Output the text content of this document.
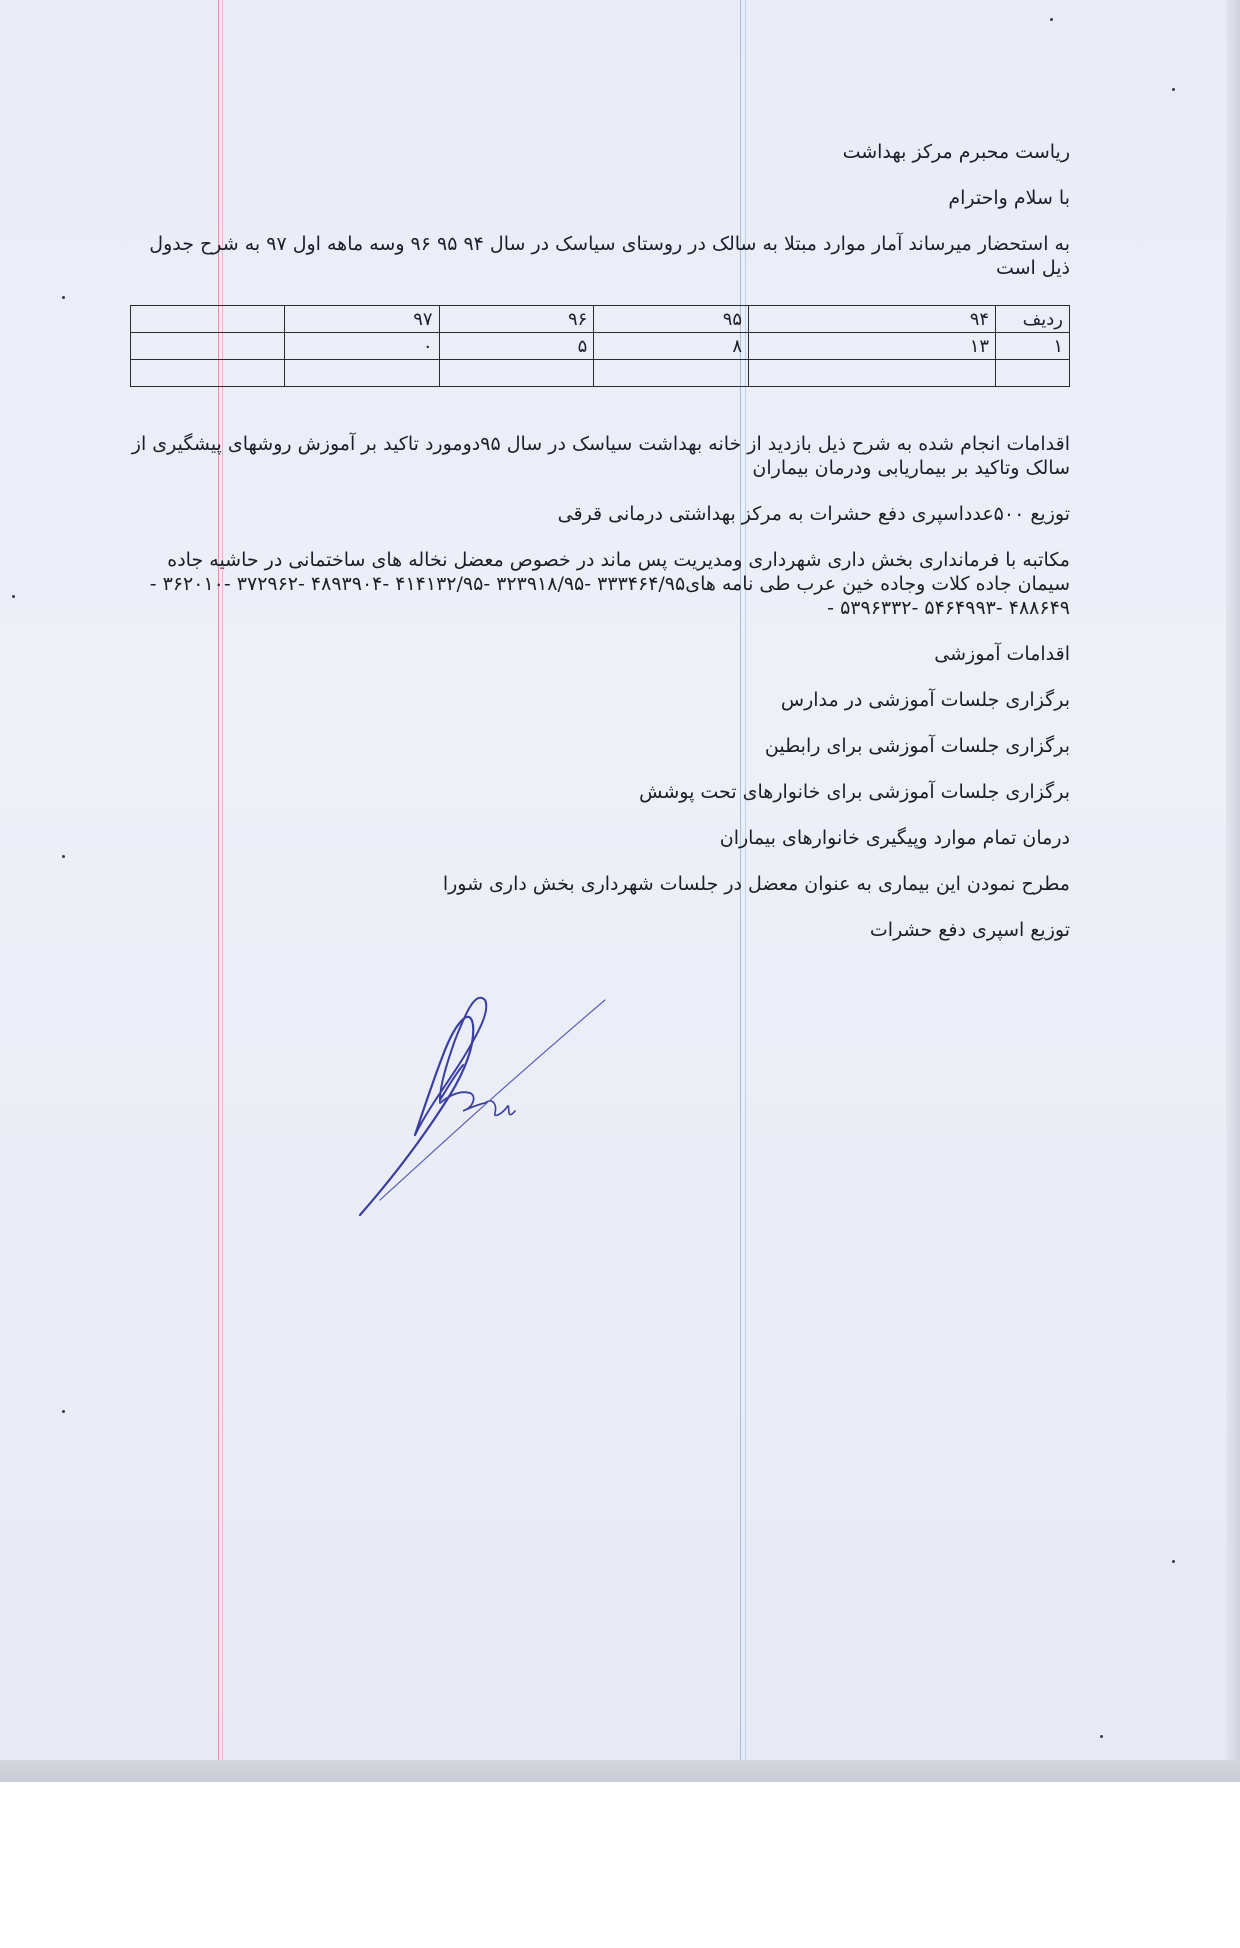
ریاست محبرم مرکز بهداشت

با سلام واحترام

به استحضار میرساند آمار موارد مبتلا به سالک در روستای سیاسک در سال ۹۴ ۹۵ ۹۶ وسه ماهه اول ۹۷ به شرح جدول ذیل است

ردیف	۹۴	۹۵	۹۶	۹۷	
۱	۱۳	۸	۵	۰	

اقدامات انجام شده به شرح ذیل بازدید از خانه بهداشت سیاسک در سال ۹۵دومورد تاکید بر آموزش روشهای پیشگیری از سالک وتاکید بر بیماریابی ودرمان بیماران

توزیع ۵۰۰عدداسپری دفع حشرات به مرکز بهداشتی درمانی قرقی

مکاتبه با فرمانداری بخش داری شهرداری ومدیریت پس ماند در خصوص معضل نخاله های ساختمانی در حاشیه جاده سیمان جاده کلات وجاده خین عرب طی نامه های۳۳۳۴۶۴/۹۵ -۳۲۳۹۱۸/۹۵ -۴۱۴۱۳۲/۹۵ -۴۸۹۳۹۰۴ -۳۷۲۹۶۲ -۳۶۲۰۱۰ - ۴۸۸۶۴۹ -۵۴۶۴۹۹۳ -۵۳۹۶۳۳۲ -

اقدامات آموزشی

برگزاری جلسات آموزشی در مدارس

برگزاری جلسات آموزشی برای رابطین

برگزاری جلسات آموزشی برای خانوارهای تحت پوشش

درمان تمام موارد وپیگیری خانوارهای بیماران

مطرح نمودن این بیماری به عنوان معضل در جلسات شهرداری بخش داری شورا

توزیع اسپری دفع حشرات
